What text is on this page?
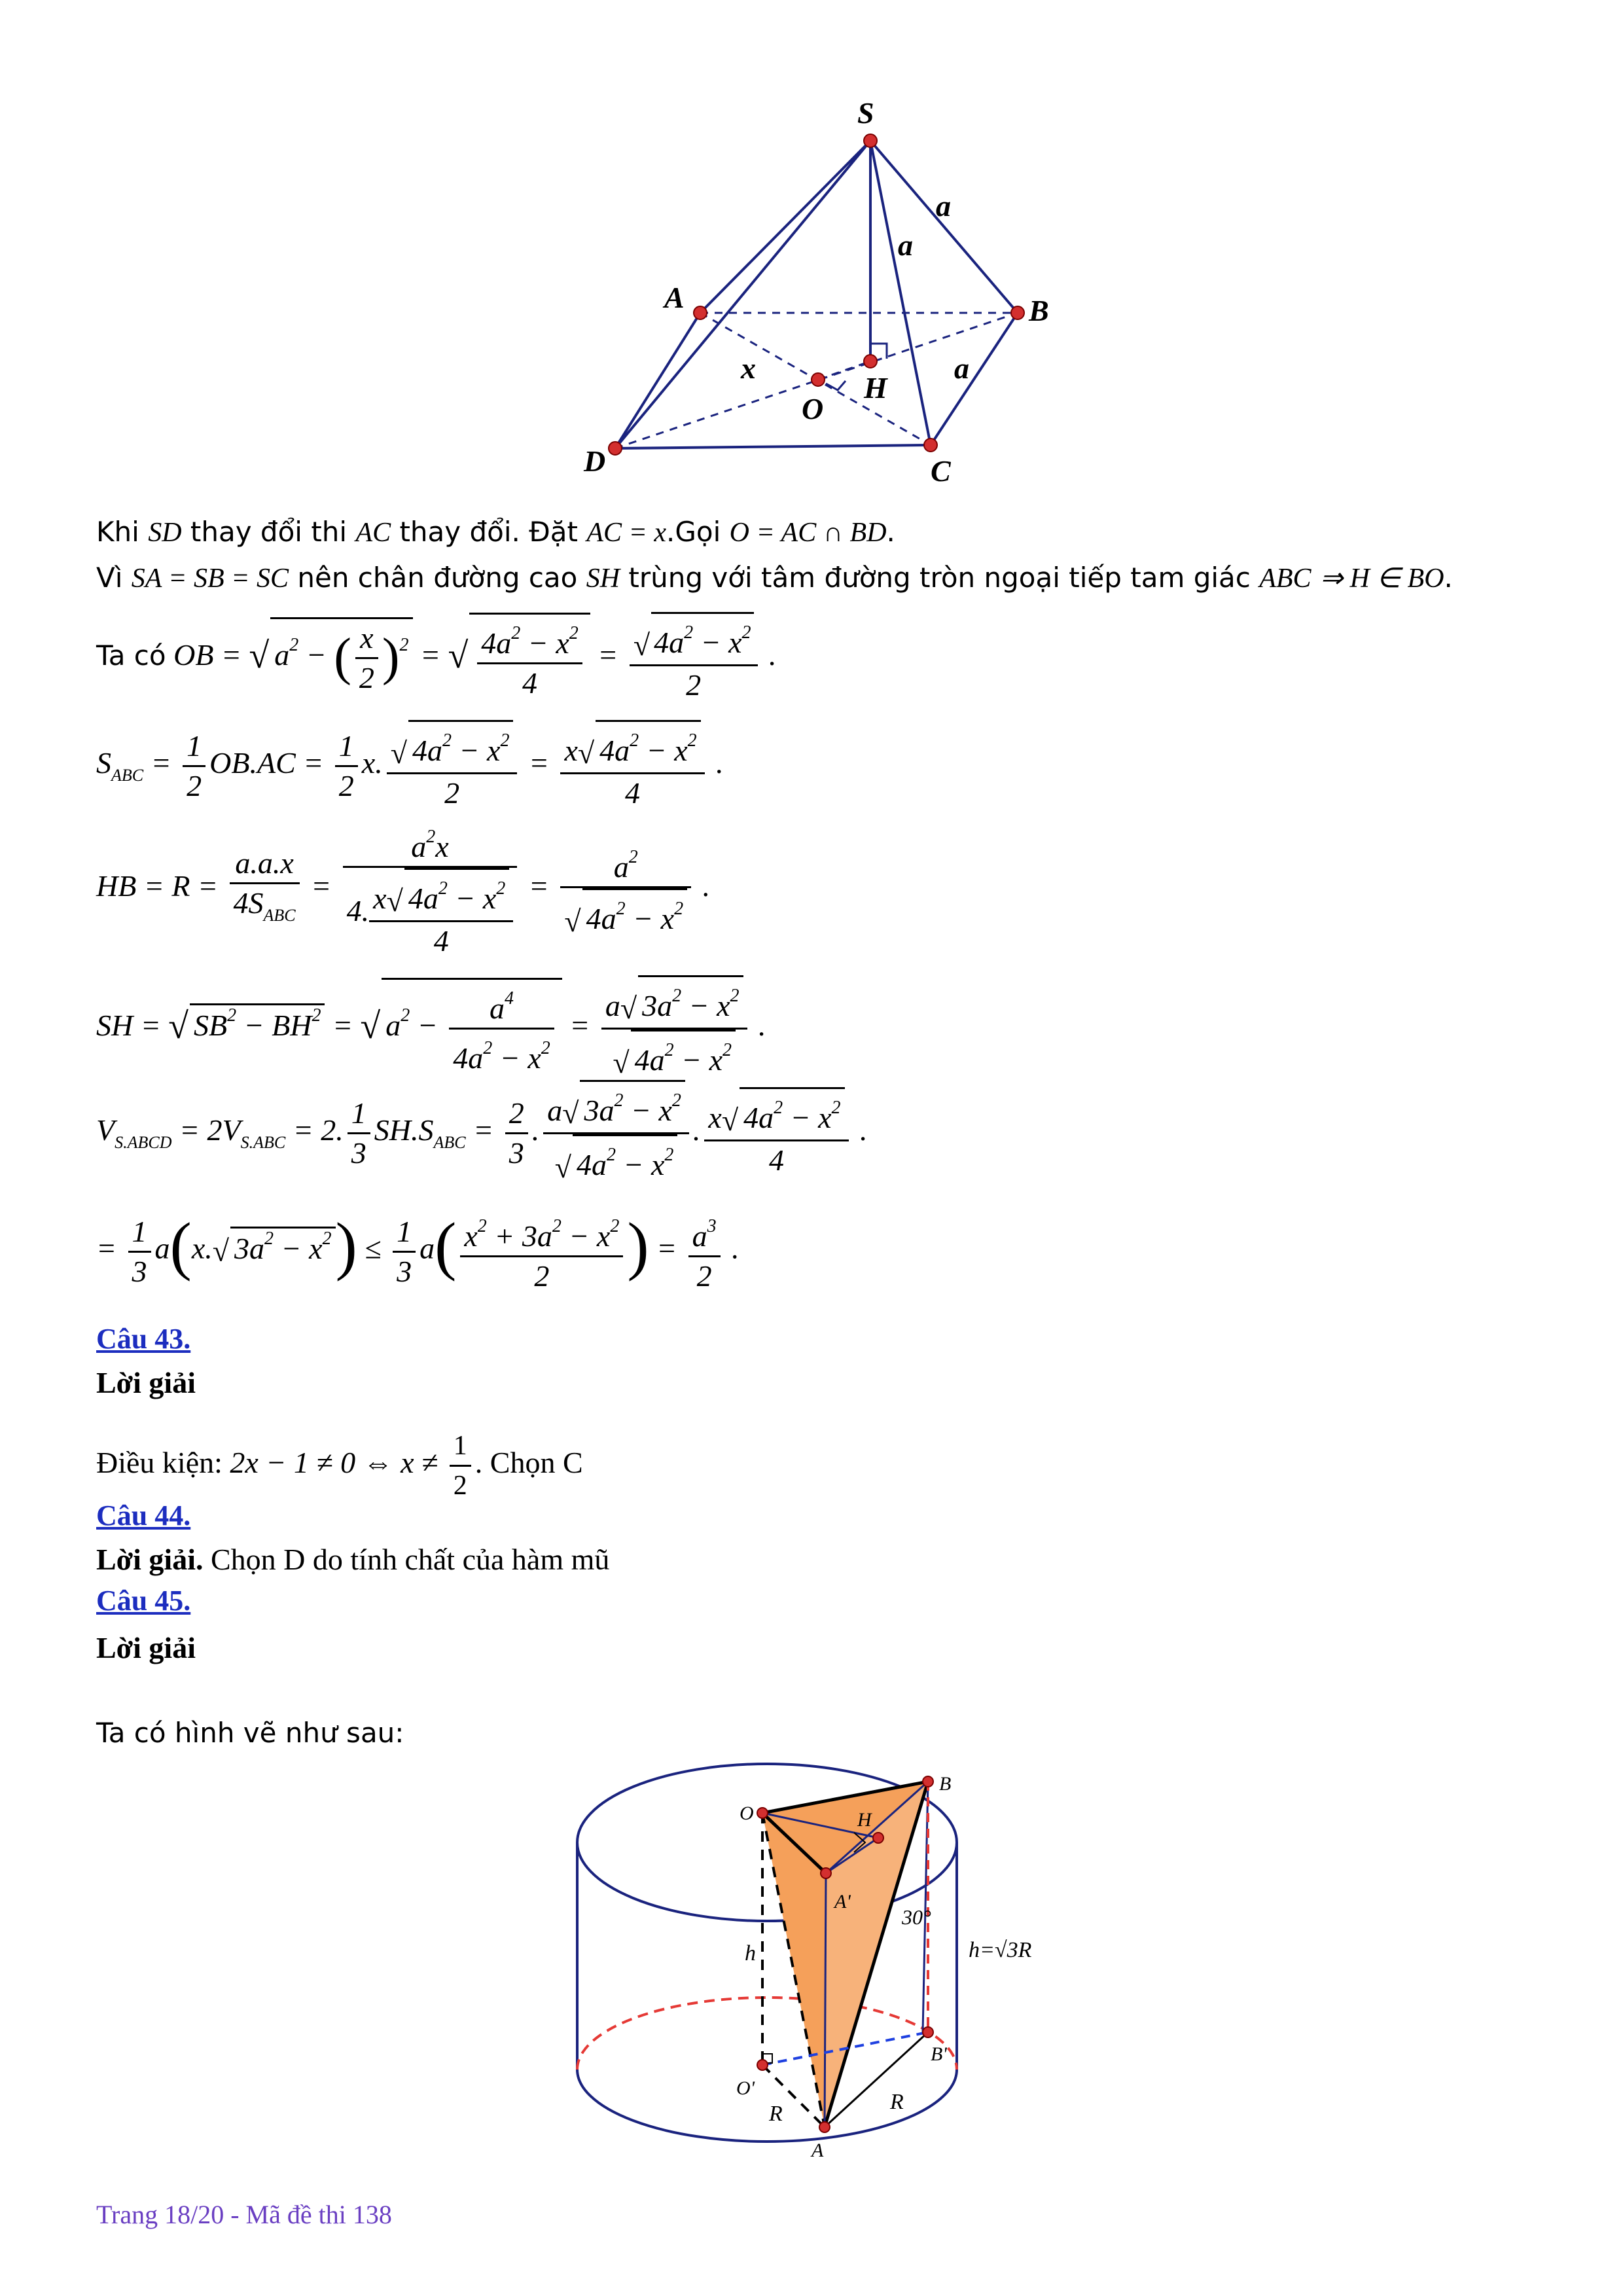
S
A	B
C
D
O
H
a
a
a
x
Khi SD thay đổi thi AC thay đổi. Đặt AC = x.Gọi O = AC ∩ BD.
Vì SA = SB = SC nên chân đường cao SH trùng với tâm đường tròn ngoại tiếp tam giác ABC ⇒ H ∈ BO.
Ta có OB = √ $a^2$ − ( $\frac{x}{2} )^2$ = √ $\frac{4a^2 - x^2}{4} = \frac{√ 4a^2 - x^2}{2}$ .
$S_{ABC} = \frac{1}{2} OB.AC = \frac{1}{2} x$. $\frac{√ 4a^2 - x^2}{2} = \frac{x√ 4a^2 - x^2}{4}$ .
HB = $R = \frac{a.a.x}{4S_{ABC}} = \frac{a^2x}{4. \frac{x√ 4a^2 - x^2}{4}} = \frac{a^2}{√ 4a^2 - x^2}$ .
SH = √ $SB^2 - BH^2$ = √ $a^2 - \frac{a^4}{4a^2 - x^2} = \frac{a√ 3a^2 - x^2}{√ 4a^2 - x^2}$ .
$V_{S.ABCD} = 2V_{S.ABC} = 2$. $\frac{1}{3} SH.S_{ABC} = \frac{2}{3}$ . $\frac{a√ 3a^2 - x^2}{√ 4a^2 - x^2}$ . $\frac{x√ 4a^2 - x^2}{4}$ .
= $\frac{1}{3} a(x.√$ $3a^2 - x^2) \le \frac{1}{3} a( \frac{x^2 + 3a^2 - x^2}{2}$ ) = $\frac{a^3}{2}$ .
Câu 43.
Lời giải
Điều kiện: 2x − 1 ≠ 0 ⇔ $x \ne \frac{1}{2}$ . Chọn C
Câu 44.
Lời giải. Chọn D do tính chất của hàm mũ
Câu 45.
Lời giải
Ta có hình vẽ như sau:
O
B
H
A'
30°
h	h=√3R
O'
B'
R	R
A
Trang 18/20 - Mã đề thi 138
